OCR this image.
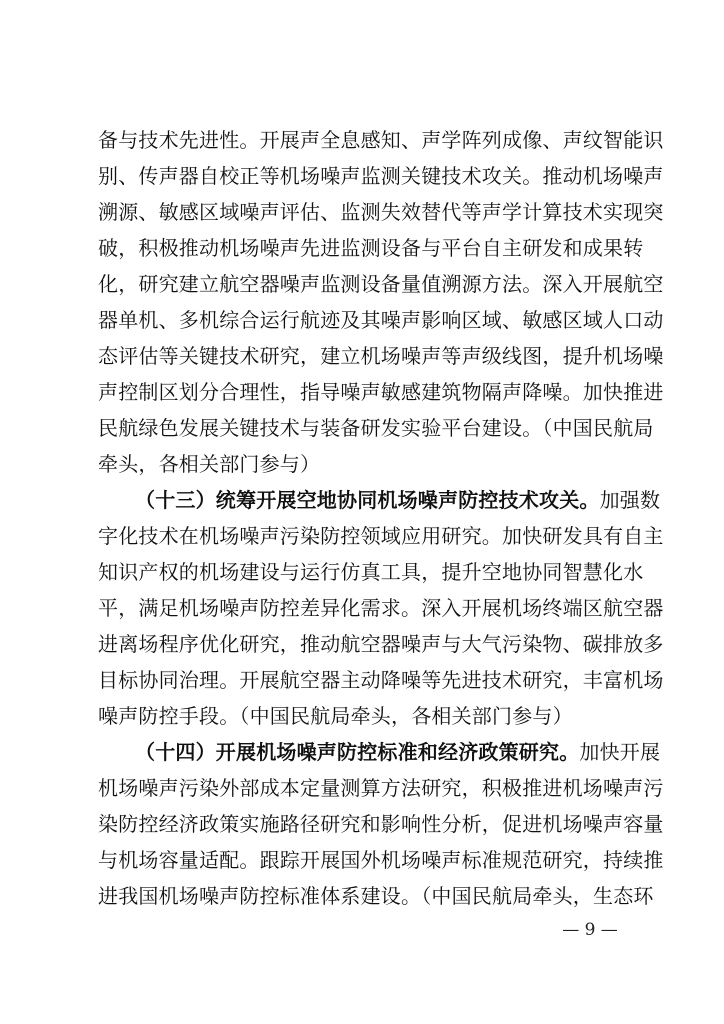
备与技术先进性。开展声全息感知、声学阵列成像、声纹智能识
别、传声器自校正等机场噪声监测关键技术攻关。推动机场噪声
溯源、敏感区域噪声评估、监测失效替代等声学计算技术实现突
破，积极推动机场噪声先进监测设备与平台自主研发和成果转
化，研究建立航空器噪声监测设备量值溯源方法。深入开展航空
器单机、多机综合运行航迹及其噪声影响区域、敏感区域人口动
态评估等关键技术研究，建立机场噪声等声级线图，提升机场噪
声控制区划分合理性，指导噪声敏感建筑物隔声降噪。加快推进
民航绿色发展关键技术与装备研发实验平台建设。（中国民航局
牵头，各相关部门参与）
（十三）统筹开展空地协同机场噪声防控技术攻关。加强数
字化技术在机场噪声污染防控领域应用研究。加快研发具有自主
知识产权的机场建设与运行仿真工具，提升空地协同智慧化水
平，满足机场噪声防控差异化需求。深入开展机场终端区航空器
进离场程序优化研究，推动航空器噪声与大气污染物、碳排放多
目标协同治理。开展航空器主动降噪等先进技术研究，丰富机场
噪声防控手段。（中国民航局牵头，各相关部门参与）
（十四）开展机场噪声防控标准和经济政策研究。加快开展
机场噪声污染外部成本定量测算方法研究，积极推进机场噪声污
染防控经济政策实施路径研究和影响性分析，促进机场噪声容量
与机场容量适配。跟踪开展国外机场噪声标准规范研究，持续推
进我国机场噪声防控标准体系建设。（中国民航局牵头，生态环
— 9 —
